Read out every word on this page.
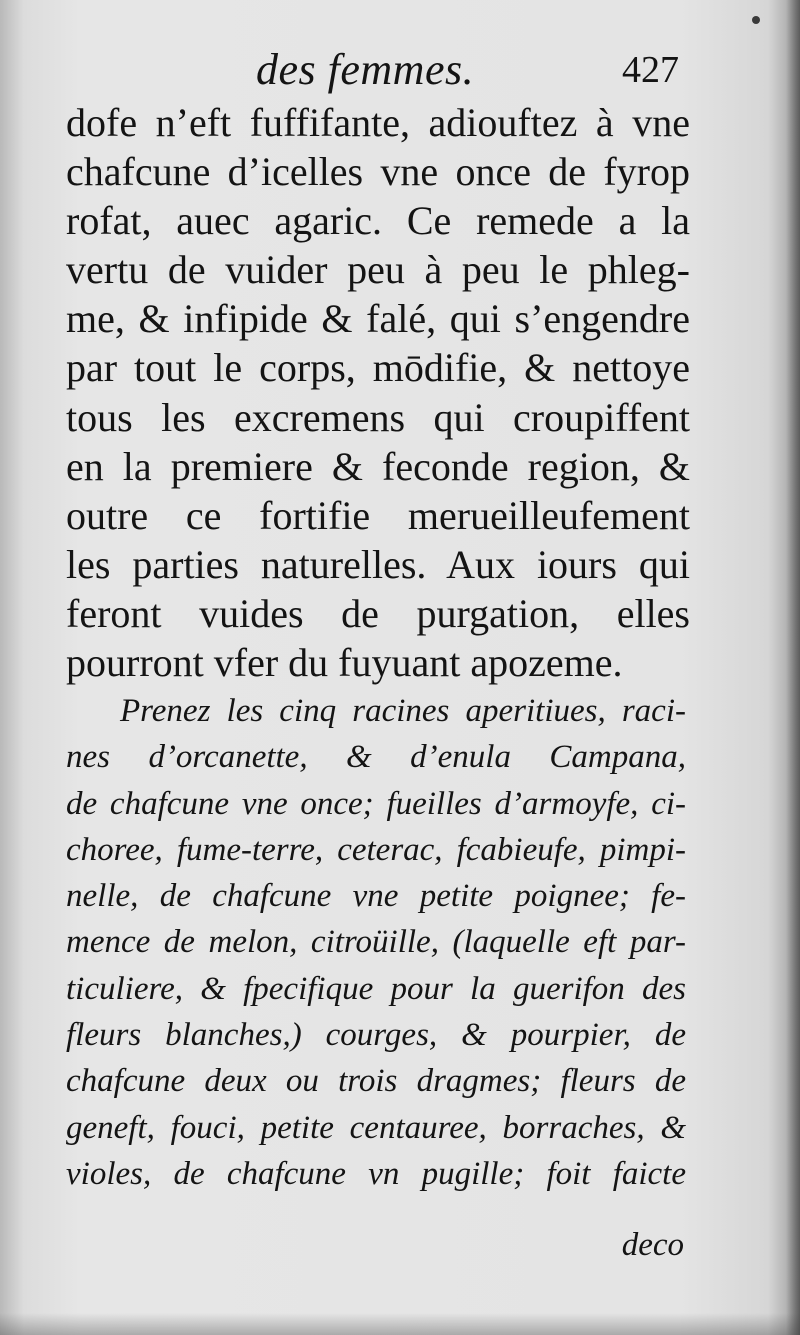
des femmes.	427
dofe n’eft fuffifante, adiouftez à vne
chafcune d’icelles vne once de fyrop
rofat, auec agaric. Ce remede a la
vertu de vuider peu à peu le phleg-
me, & infipide & falé, qui s’engendre
par tout le corps, mōdifie, & nettoye
tous les excremens qui croupiffent
en la premiere & feconde region, &
outre ce fortifie merueilleufement
les parties naturelles. Aux iours qui
feront vuides de purgation, elles
pourront vfer du fuyuant apozeme.
Prenez les cinq racines aperitiues, raci-
nes d’orcanette, & d’enula Campana,
de chafcune vne once; fueilles d’armoyfe, ci-
choree, fume-terre, ceterac, fcabieufe, pimpi-
nelle, de chafcune vne petite poignee; fe-
mence de melon, citroüille, (laquelle eft par-
ticuliere, & fpecifique pour la guerifon des
fleurs blanches,) courges, & pourpier, de
chafcune deux ou trois dragmes; fleurs de
geneft, fouci, petite centauree, borraches, &
violes, de chafcune vn pugille; foit faicte
deco
